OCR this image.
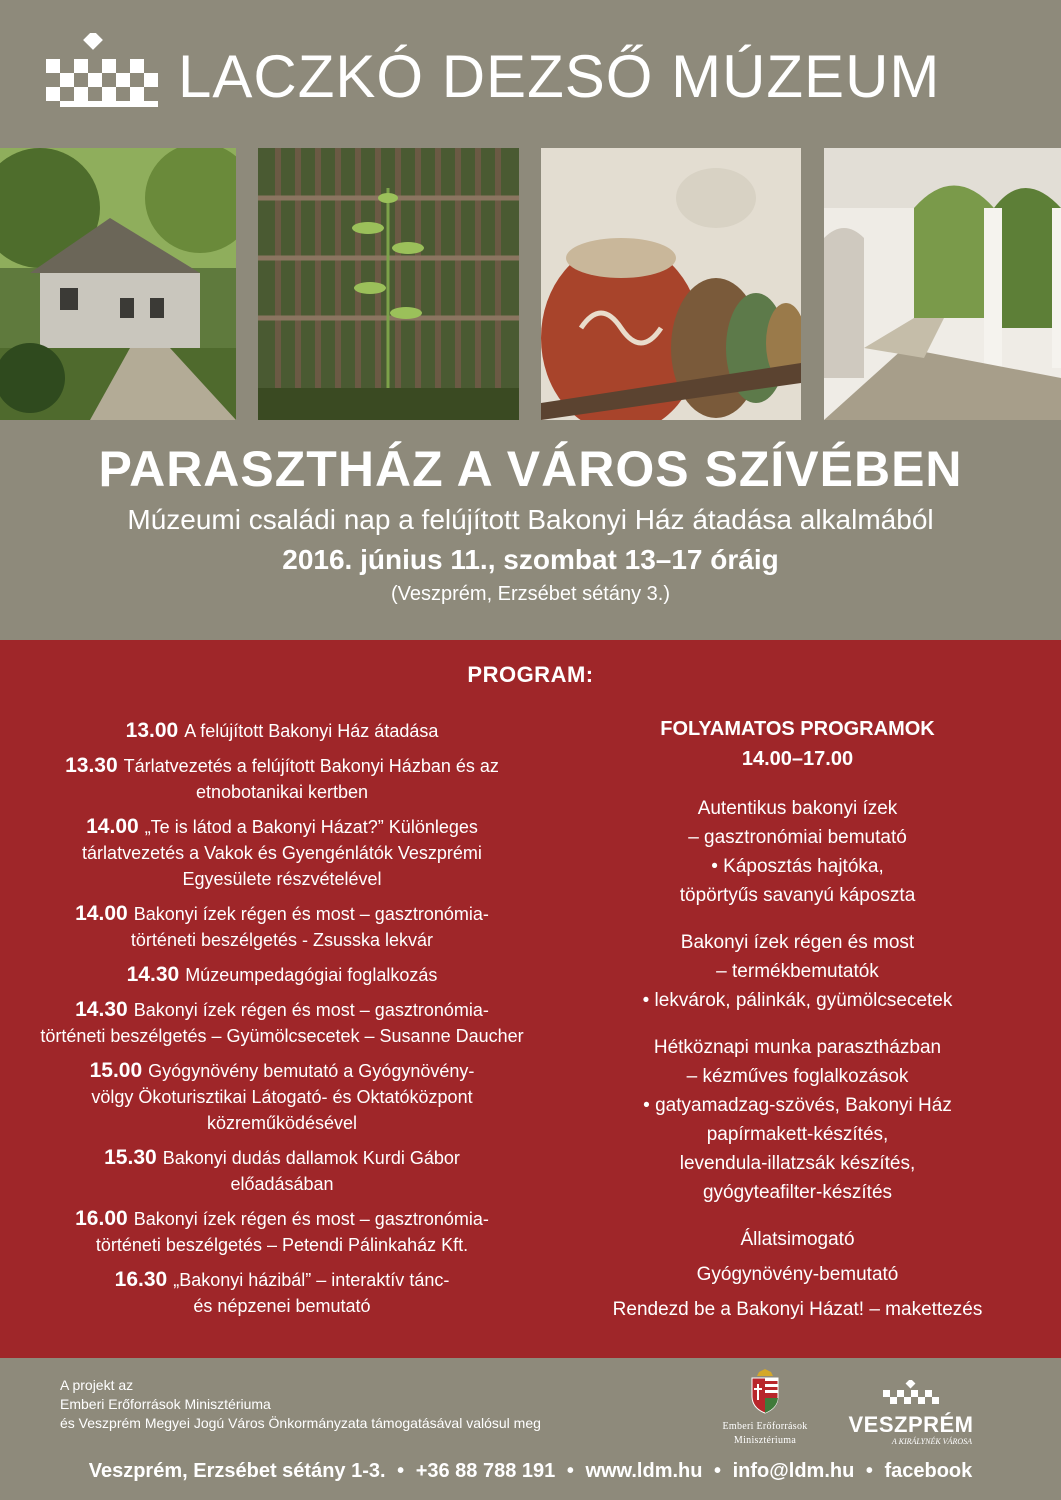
LACZKÓ DEZSŐ MÚZEUM
PARASZTHÁZ A VÁROS SZÍVÉBEN
Múzeumi családi nap a felújított Bakonyi Ház átadása alkalmából
2016. június 11., szombat 13–17 óráig
(Veszprém, Erzsébet sétány 3.)
PROGRAM:
13.00 A felújított Bakonyi Ház átadása
13.30 Tárlatvezetés a felújított Bakonyi Házban és az
etnobotanikai kertben
14.00 „Te is látod a Bakonyi Házat?” Különleges
tárlatvezetés a Vakok és Gyengénlátók Veszprémi
Egyesülete részvételével
14.00 Bakonyi ízek régen és most – gasztronómia-
történeti beszélgetés - Zsusska lekvár
14.30 Múzeumpedagógiai foglalkozás
14.30 Bakonyi ízek régen és most – gasztronómia-
történeti beszélgetés – Gyümölcsecetek – Susanne Daucher
15.00 Gyógynövény bemutató a Gyógynövény-
völgy Ökoturisztikai Látogató- és Oktatóközpont
közreműködésével
15.30 Bakonyi dudás dallamok Kurdi Gábor
előadásában
16.00 Bakonyi ízek régen és most – gasztronómia-
történeti beszélgetés – Petendi Pálinkaház Kft.
16.30 „Bakonyi házibál” – interaktív tánc-
és népzenei bemutató
FOLYAMATOS PROGRAMOK
14.00–17.00
Autentikus bakonyi ízek
– gasztronómiai bemutató
• Káposztás hajtóka,
töpörtyűs savanyú káposzta
Bakonyi ízek régen és most
– termékbemutatók
• lekvárok, pálinkák, gyümölcsecetek
Hétköznapi munka parasztházban
– kézműves foglalkozások
• gatyamadzag-szövés, Bakonyi Ház
papírmakett-készítés,
levendula-illatzsák készítés,
gyógyteafilter-készítés
Állatsimogató
Gyógynövény-bemutató
Rendezd be a Bakonyi Házat! – makettezés
A projekt az
Emberi Erőforrások Minisztériuma
és Veszprém Megyei Jogú Város Önkormányzata támogatásával valósul meg	Emberi Erőforrások
Minisztériuma
VESZPRÉM
A KIRÁLYNÉK VÁROSA
Veszprém, Erzsébet sétány 1-3. • +36 88 788 191 • www.ldm.hu • info@ldm.hu • facebook
